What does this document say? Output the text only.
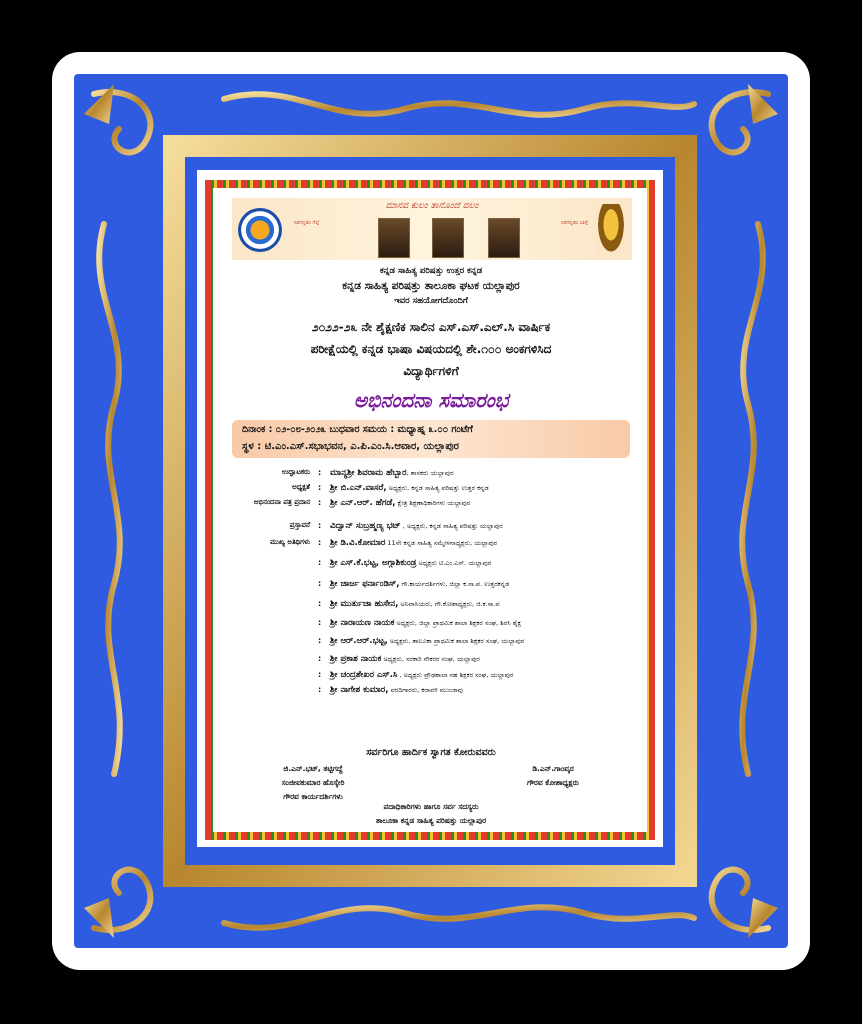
ಮಾನವ ಕುಲಂ ತಾನೊಂದೆ ವಲಂ
ಸಿರಿಗನ್ನಡಂ ಗೆಲ್ಗೆ	ಸಿರಿಗನ್ನಡಂ ಬಾಳ್ಗೆ
ಕನ್ನಡ ಸಾಹಿತ್ಯ ಪರಿಷತ್ತು ಉತ್ತರ ಕನ್ನಡ
ಕನ್ನಡ ಸಾಹಿತ್ಯ ಪರಿಷತ್ತು ತಾಲೂಕಾ ಘಟಕ ಯಲ್ಲಾಪುರ
ಇವರ ಸಹಯೋಗದೊಂದಿಗೆ
೨೦೨೨-೨೩ ನೇ ಶೈಕ್ಷಣಿಕ ಸಾಲಿನ ಎಸ್.ಎಸ್.ಎಲ್.ಸಿ ವಾರ್ಷಿಕ
ಪರೀಕ್ಷೆಯಲ್ಲಿ ಕನ್ನಡ ಭಾಷಾ ವಿಷಯದಲ್ಲಿ ಶೇ.೧೦೦ ಅಂಕಗಳಿಸಿದ
ವಿದ್ಯಾರ್ಥಿಗಳಿಗೆ
ಅಭಿನಂದನಾ ಸಮಾರಂಭ
ದಿನಾಂಕ : ೦೨-೦೮-೨೦೨೩ ಬುಧವಾರ ಸಮಯ : ಮಧ್ಯಾಹ್ನ ೩.೦೦ ಗಂಟೆಗೆ
ಸ್ಥಳ : ಟಿ.ಎಂ.ಎಸ್.ಸಭಾಭವನ, ಎ.ಪಿ.ಎಂ.ಸಿ.ಆವಾರ, ಯಲ್ಲಾಪುರ
ಉದ್ಘಾಟಕರು : ಮಾನ್ಯಶ್ರೀ ಶಿವರಾಮ ಹೆಬ್ಬಾರ, ಶಾಸಕರು ಯಲ್ಲಾಪುರ
ಅಧ್ಯಕ್ಷತೆ : ಶ್ರೀ ಬಿ.ಎನ್.ವಾಸರೆ, ಅಧ್ಯಕ್ಷರು, ಕನ್ನಡ ಸಾಹಿತ್ಯ ಪರಿಷತ್ತು ಉತ್ತರ ಕನ್ನಡ
ಅಭಿನಂದನಾ ಪತ್ರ ಪ್ರದಾನ : ಶ್ರೀ ಎನ್.ಆರ್. ಹೆಗಡೆ, ಕ್ಷೇತ್ರ ಶಿಕ್ಷಣಾಧಿಕಾರಿಗಳು ಯಲ್ಲಾಪುರ
ಪ್ರಸ್ತಾವನೆ : ವಿದ್ವಾನ್ ಸುಬ್ರಹ್ಮಣ್ಯ ಭಟ್ , ಅಧ್ಯಕ್ಷರು, ಕನ್ನಡ ಸಾಹಿತ್ಯ ಪರಿಷತ್ತು ಯಲ್ಲಾಪುರ
ಮುಖ್ಯ ಅತಿಥಿಗಳು : ಶ್ರೀ ಡಿ.ವಿ.ಕೋಮಾರ 11ನೇ ಕನ್ನಡ ಸಾಹಿತ್ಯ ಸಮ್ಮೇಳನಾಧ್ಯಕ್ಷರು, ಯಲ್ಲಾಪುರ
: ಶ್ರೀ ಎಸ್.ಕೆ.ಭಟ್ಟ, ಅಗ್ಗಾಶಿಕುಂಡ್ರ ಅಧ್ಯಕ್ಷರು ಟಿ.ಎಂ.ಎಸ್. ಯಲ್ಲಾಪುರ
: ಶ್ರೀ ಜಾರ್ಜ ಫರ್ನಾಂಡಿಸ್, ಗೌ.ಕಾರ್ಯದರ್ಶಿಗಳು, ಜಿಲ್ಲಾ ಕ.ಸಾ.ಪ. ಉತ್ತರಕನ್ನಡ
: ಶ್ರೀ ಮುರ್ತುಜಾ ಹುಸೇನ, ಅನಿವಾಸಿಯರು, ಗೌ.ಕೋಶಾಧ್ಯಕ್ಷರು, ಜಿ.ಕ.ಸಾ.ಪ
: ಶ್ರೀ ನಾರಾಯಣ ನಾಯಕ ಅಧ್ಯಕ್ಷರು, ಜಿಲ್ಲಾ ಪ್ರಾಥಮಿಕ ಶಾಲಾ ಶಿಕ್ಷಕರ ಸಂಘ, ಶಿರಸಿ ಶೈಕ್ಷ
: ಶ್ರೀ ಆರ್.ಆರ್.ಭಟ್ಟ, ಅಧ್ಯಕ್ಷರು, ತಾಲೂಕಾ ಪ್ರಾಥಮಿಕ ಶಾಲಾ ಶಿಕ್ಷಕರ ಸಂಘ, ಯಲ್ಲಾಪುರ
: ಶ್ರೀ ಪ್ರಕಾಶ ನಾಯಕ ಅಧ್ಯಕ್ಷರು, ಸರಕಾರಿ ನೌಕರರ ಸಂಘ, ಯಲ್ಲಾಪುರ
: ಶ್ರೀ ಚಂದ್ರಶೇಖರ ಎಸ್.ಸಿ , ಅಧ್ಯಕ್ಷರು ಪ್ರೌಢಶಾಲಾ ಸಹ ಶಿಕ್ಷಕರ ಸಂಘ, ಯಲ್ಲಾಪುರ
: ಶ್ರೀ ನಾಗೇಶ ಕುಮಾರ, ವರದಿಗಾರರು, ಕರಾವಳಿ ಮುಂಜಾವು
ಸರ್ವರಿಗೂ ಹಾರ್ದಿಕ ಸ್ವಾಗತ ಕೋರುವವರು
ಜಿ.ಎನ್.ಭಟ್, ತಟ್ಟಿಗದ್ದೆ
ಸಂಜೀವಕುಮಾರ ಹೊಸ್ಕೇರಿ
ಗೌರವ ಕಾರ್ಯದರ್ಶಿಗಳು
ಡಿ.ಎನ್.ಗಾಂವ್ಕರ
ಗೌರವ ಕೋಶಾಧ್ಯಕ್ಷರು
ಪದಾಧಿಕಾರಿಗಳು ಹಾಗೂ ಸರ್ವ ಸದಸ್ಯರು
ತಾಲೂಕಾ ಕನ್ನಡ ಸಾಹಿತ್ಯ ಪರಿಷತ್ತು ಯಲ್ಲಾಪುರ
